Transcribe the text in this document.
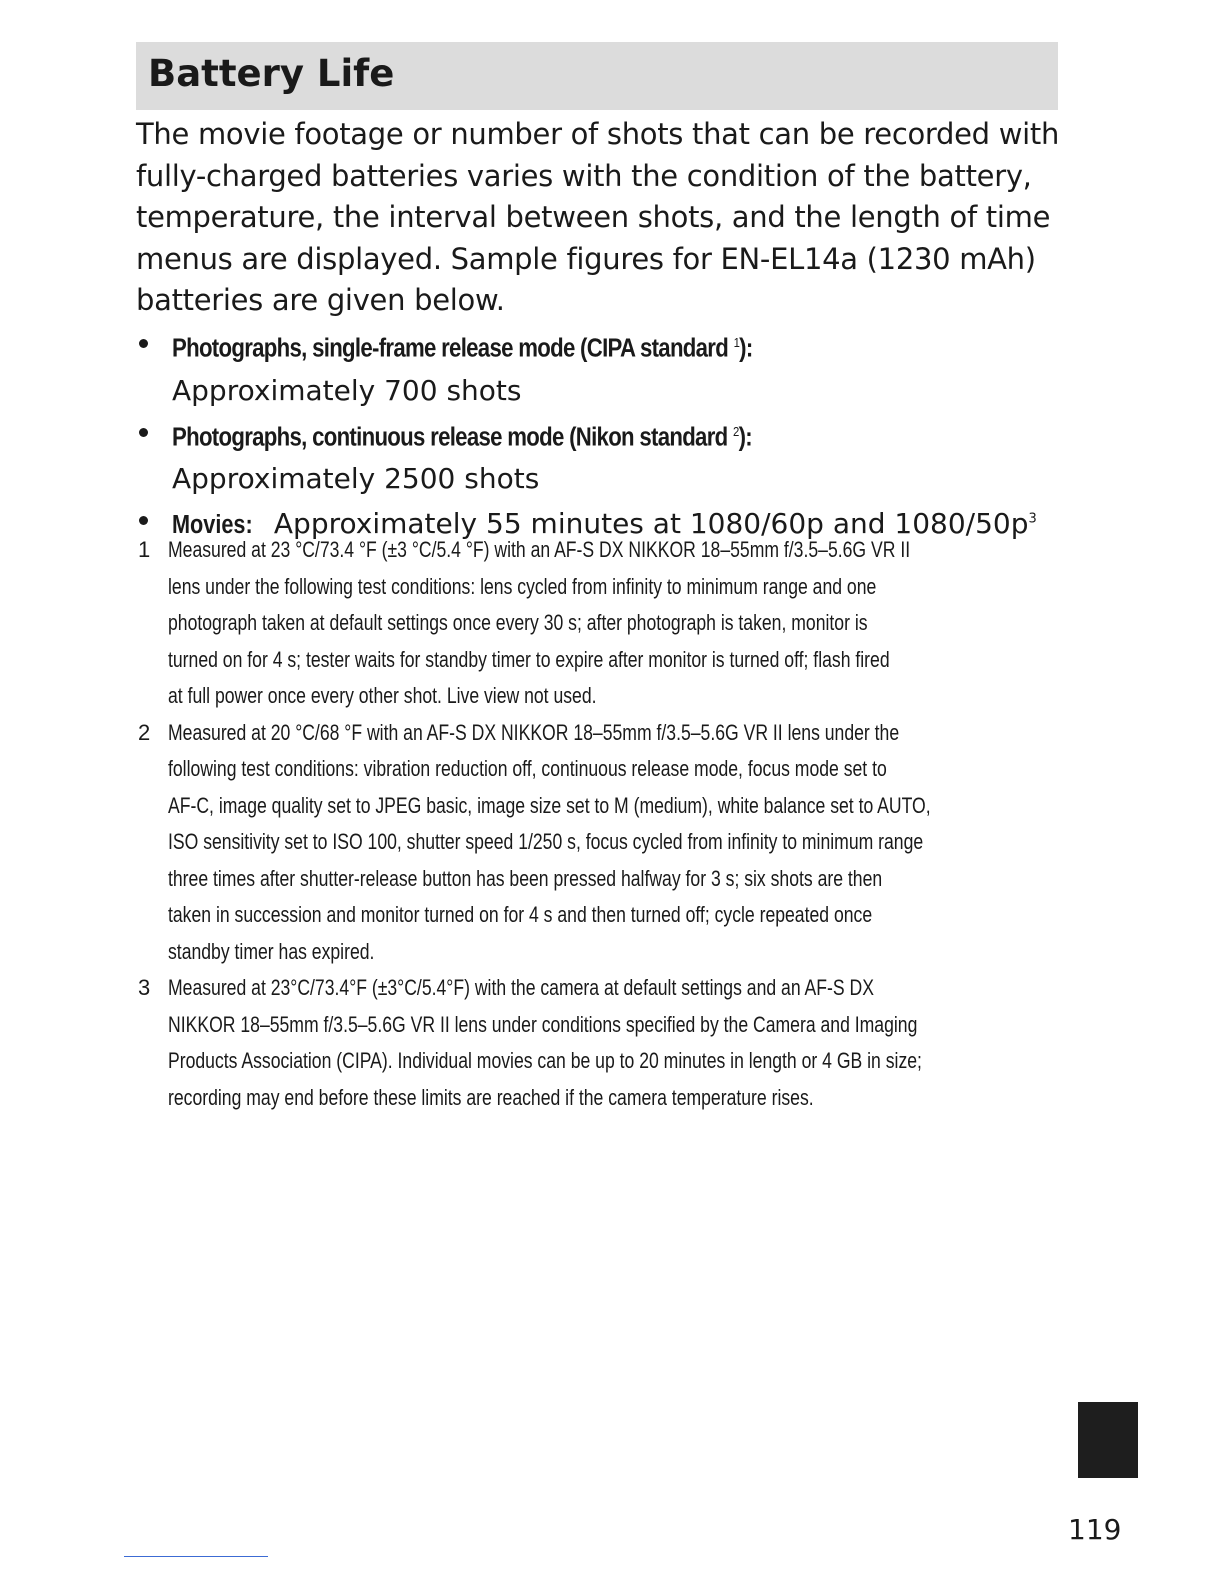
Battery Life

The movie footage or number of shots that can be recorded with
fully-charged batteries varies with the condition of the battery,
temperature, the interval between shots, and the length of time
menus are displayed. Sample figures for EN-EL14a (1230 mAh)
batteries are given below.

Photographs, single-frame release mode (CIPA standard $^1$):
Approximately 700 shots
Photographs, continuous release mode (Nikon standard $^2$):
Approximately 2500 shots
Movies: Approximately 55 minutes at 1080/60p and $1080/50p^3$
1 Measured at 23 °C/73.4 °F (±3 °C/5.4 °F) with an AF-S DX NIKKOR 18–55mm f/3.5–5.6G VR II
lens under the following test conditions: lens cycled from infinity to minimum range and one
photograph taken at default settings once every 30 s; after photograph is taken, monitor is
turned on for 4 s; tester waits for standby timer to expire after monitor is turned off; flash fired
at full power once every other shot. Live view not used.
2 Measured at 20 °C/68 °F with an AF-S DX NIKKOR 18–55mm f/3.5–5.6G VR II lens under the
following test conditions: vibration reduction off, continuous release mode, focus mode set to
AF-C, image quality set to JPEG basic, image size set to M (medium), white balance set to AUTO,
ISO sensitivity set to ISO 100, shutter speed 1/250 s, focus cycled from infinity to minimum range
three times after shutter-release button has been pressed halfway for 3 s; six shots are then
taken in succession and monitor turned on for 4 s and then turned off; cycle repeated once
standby timer has expired.
3 Measured at 23°C/73.4°F (±3°C/5.4°F) with the camera at default settings and an AF-S DX
NIKKOR 18–55mm f/3.5–5.6G VR II lens under conditions specified by the Camera and Imaging
Products Association (CIPA). Individual movies can be up to 20 minutes in length or 4 GB in size;
recording may end before these limits are reached if the camera temperature rises.
119
